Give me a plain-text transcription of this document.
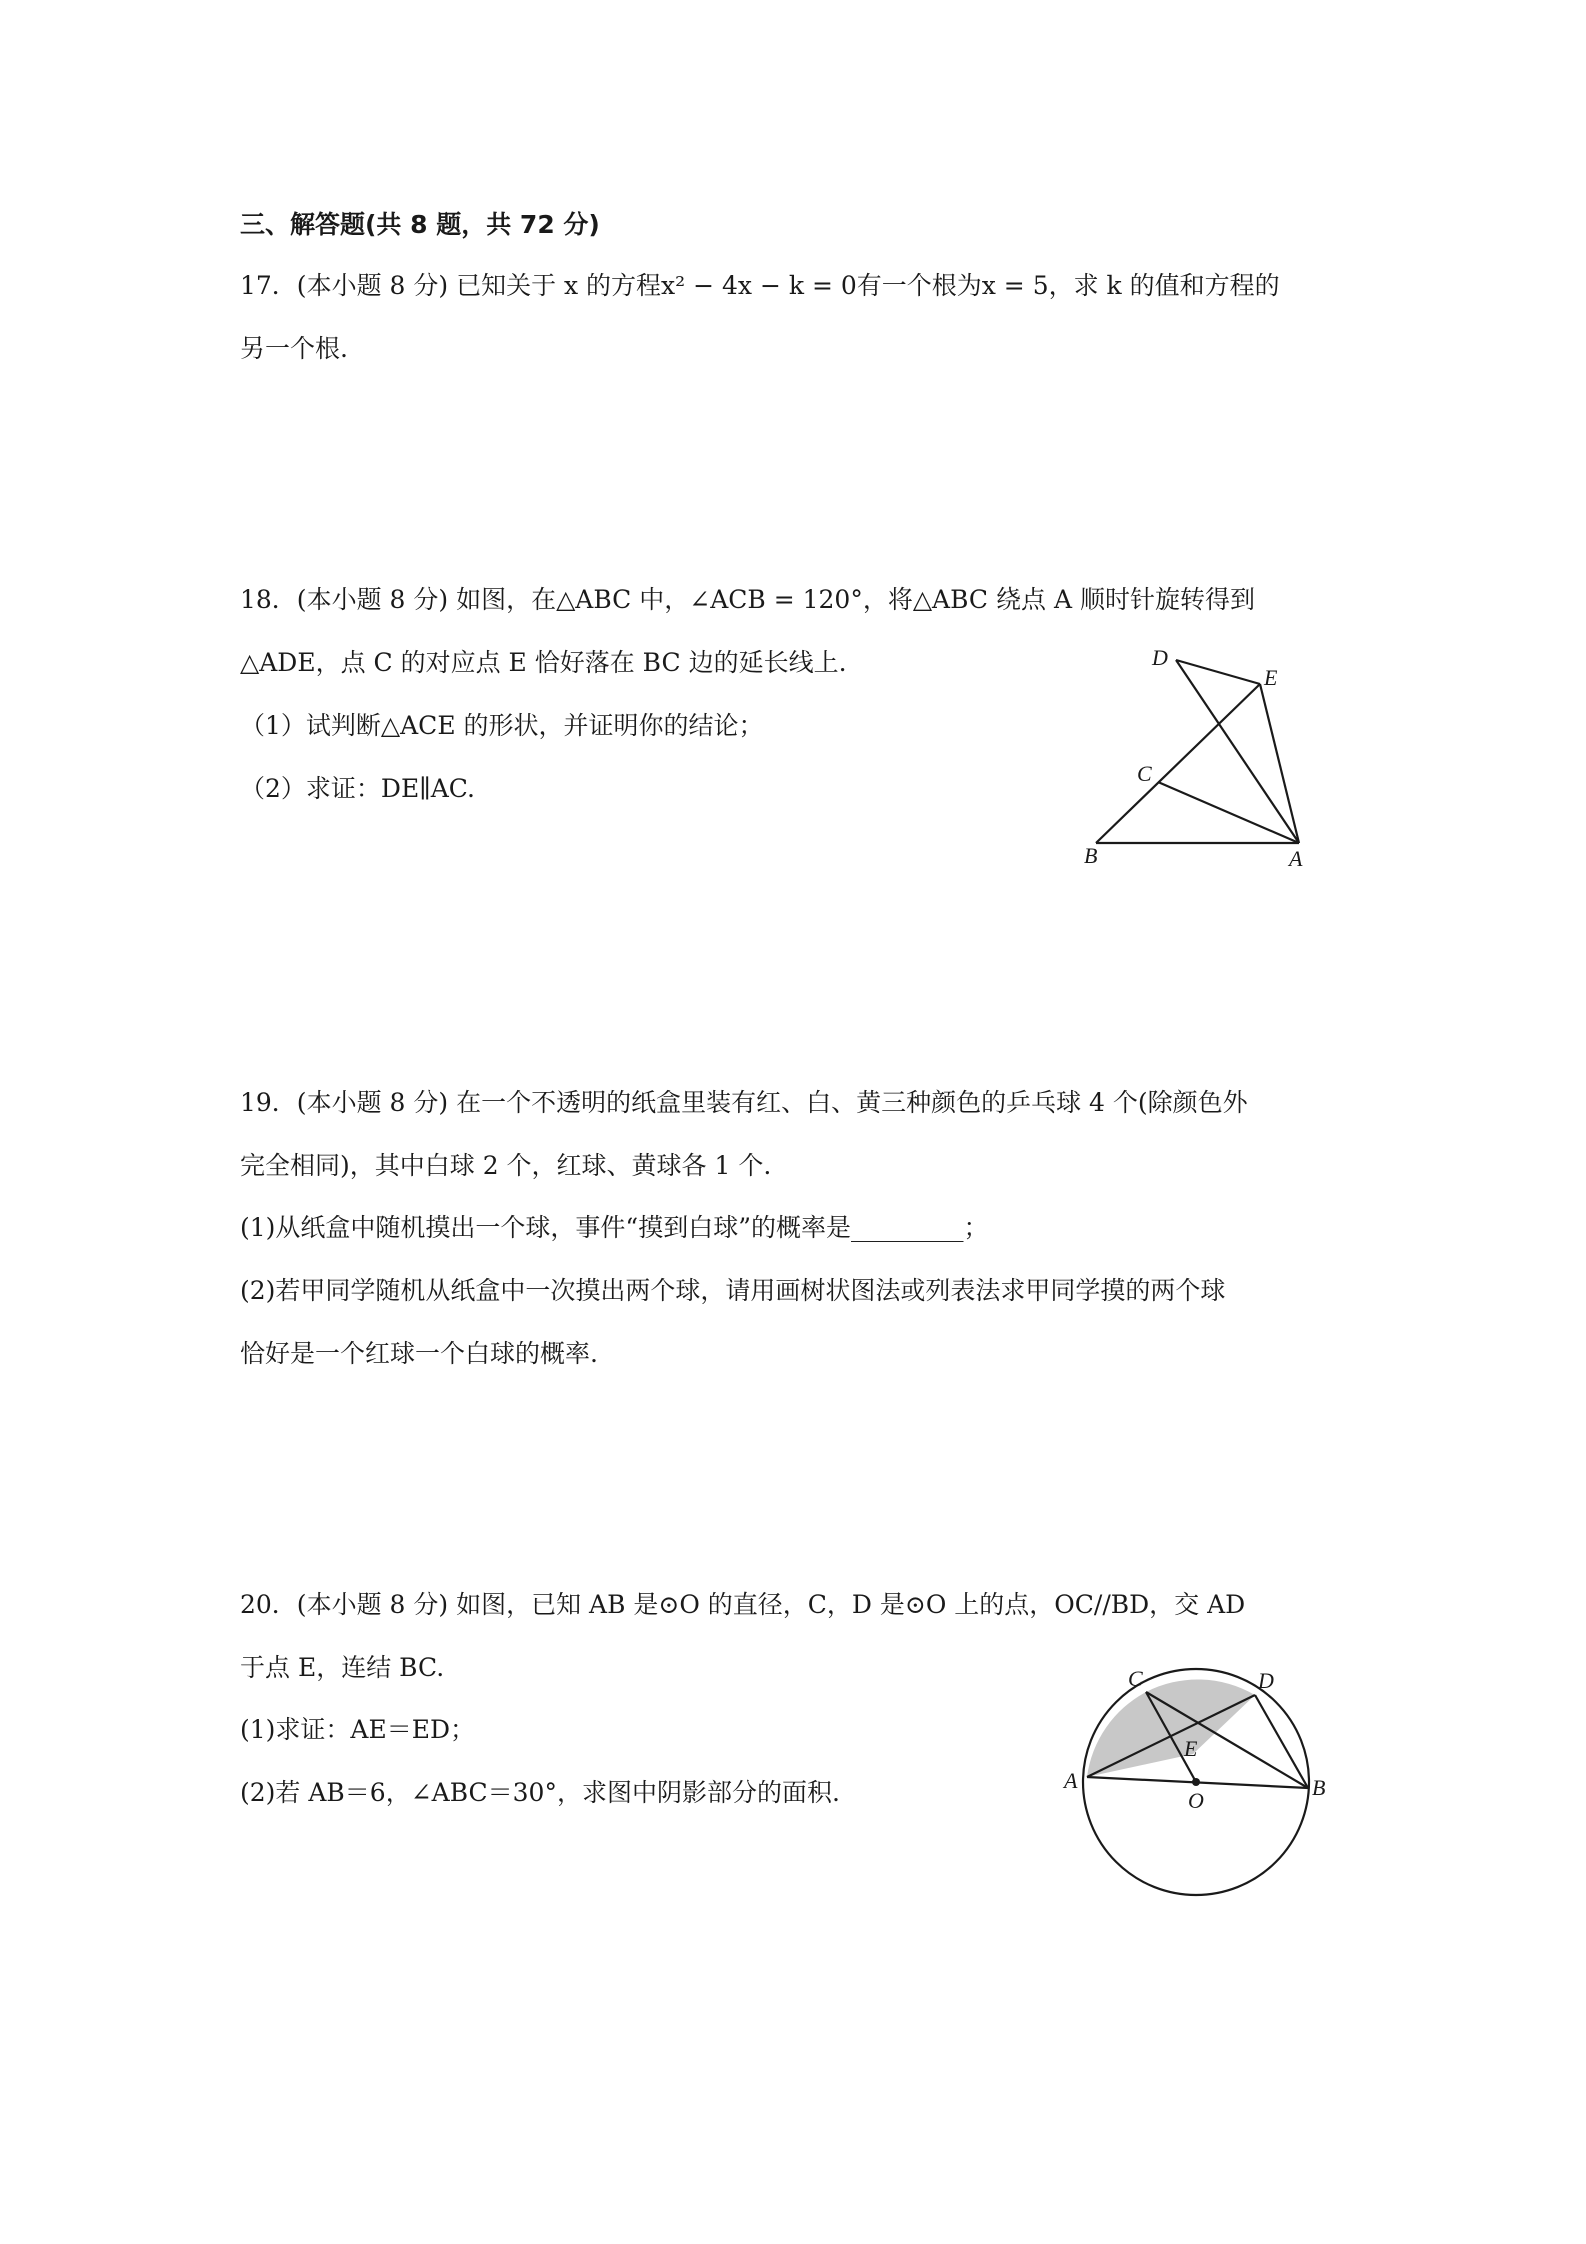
三、解答题(共 8 题，共 72 分)
17．(本小题 8 分) 已知关于 x 的方程x² − 4x − k = 0有一个根为x = 5，求 k 的值和方程的
另一个根.
18．(本小题 8 分) 如图，在△ABC 中，∠ACB = 120°，将△ABC 绕点 A 顺时针旋转得到
△ADE，点 C 的对应点 E 恰好落在 BC 边的延长线上.
（1）试判断△ACE 的形状，并证明你的结论；
（2）求证：DE∥AC.
D
E
C
B	A
19．(本小题 8 分) 在一个不透明的纸盒里装有红、白、黄三种颜色的乒乓球 4 个(除颜色外
完全相同)，其中白球 2 个，红球、黄球各 1 个.
(1)从纸盒中随机摸出一个球，事件“摸到白球”的概率是_________；
(2)若甲同学随机从纸盒中一次摸出两个球，请用画树状图法或列表法求甲同学摸的两个球
恰好是一个红球一个白球的概率.
20．(本小题 8 分) 如图，已知 AB 是⊙O 的直径，C，D 是⊙O 上的点，OC//BD，交 AD
于点 E，连结 BC.
(1)求证：AE＝ED；
(2)若 AB＝6，∠ABC＝30°，求图中阴影部分的面积.
C	D
E
A	B
O
